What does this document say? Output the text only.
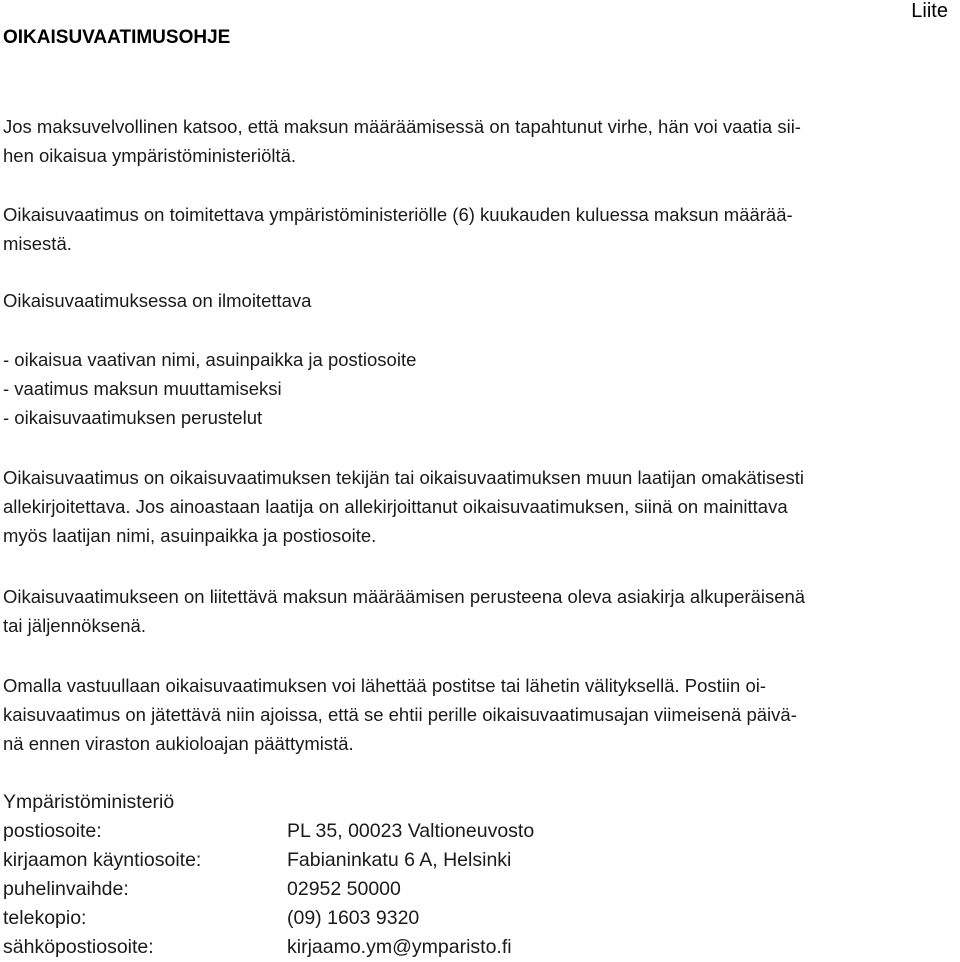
OIKAISUVAATIMUSOHJE
Liite

Jos maksuvelvollinen katsoo, että maksun määräämisessä on tapahtunut virhe, hän voi vaatia sii-
hen oikaisua ympäristöministeriöltä.

Oikaisuvaatimus on toimitettava ympäristöministeriölle (6) kuukauden kuluessa maksun määrää-
misestä.

Oikaisuvaatimuksessa on ilmoitettava

- oikaisua vaativan nimi, asuinpaikka ja postiosoite
- vaatimus maksun muuttamiseksi
- oikaisuvaatimuksen perustelut

Oikaisuvaatimus on oikaisuvaatimuksen tekijän tai oikaisuvaatimuksen muun laatijan omakätisesti
allekirjoitettava. Jos ainoastaan laatija on allekirjoittanut oikaisuvaatimuksen, siinä on mainittava
myös laatijan nimi, asuinpaikka ja postiosoite.

Oikaisuvaatimukseen on liitettävä maksun määräämisen perusteena oleva asiakirja alkuperäisenä
tai jäljennöksenä.

Omalla vastuullaan oikaisuvaatimuksen voi lähettää postitse tai lähetin välityksellä. Postiin oi-
kaisuvaatimus on jätettävä niin ajoissa, että se ehtii perille oikaisuvaatimusajan viimeisenä päivä-
nä ennen viraston aukioloajan päättymistä.

Ympäristöministeriö
postiosoite:	PL 35, 00023 Valtioneuvosto
kirjaamon käyntiosoite:	Fabianinkatu 6 A, Helsinki
puhelinvaihde:	02952 50000
telekopio:	(09) 1603 9320
sähköpostiosoite:	kirjaamo.ym@ymparisto.fi
